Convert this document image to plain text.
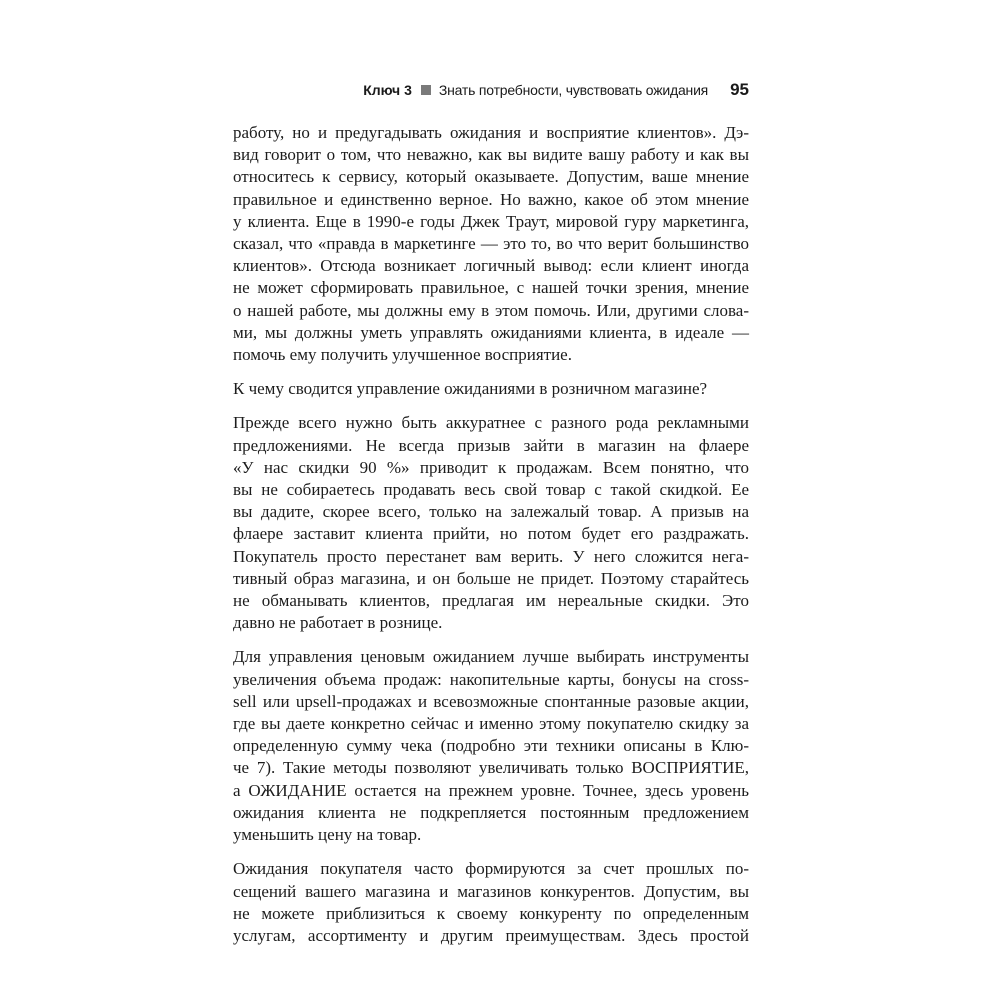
Ключ 3 Знать потребности, чувствовать ожидания 95
работу, но и предугадывать ожидания и восприятие клиентов». Дэ-
вид говорит о том, что неважно, как вы видите вашу работу и как вы
относитесь к сервису, который оказываете. Допустим, ваше мнение
правильное и единственно верное. Но важно, какое об этом мнение
у клиента. Еще в 1990-е годы Джек Траут, мировой гуру маркетинга,
сказал, что «правда в маркетинге — это то, во что верит большинство
клиентов». Отсюда возникает логичный вывод: если клиент иногда
не может сформировать правильное, с нашей точки зрения, мнение
о нашей работе, мы должны ему в этом помочь. Или, другими слова-
ми, мы должны уметь управлять ожиданиями клиента, в идеале —
помочь ему получить улучшенное восприятие.
К чему сводится управление ожиданиями в розничном магазине?
Прежде всего нужно быть аккуратнее с разного рода рекламными
предложениями. Не всегда призыв зайти в магазин на флаере
«У нас скидки 90 %» приводит к продажам. Всем понятно, что
вы не собираетесь продавать весь свой товар с такой скидкой. Ее
вы дадите, скорее всего, только на залежалый товар. А призыв на
флаере заставит клиента прийти, но потом будет его раздражать.
Покупатель просто перестанет вам верить. У него сложится нега-
тивный образ магазина, и он больше не придет. Поэтому старайтесь
не обманывать клиентов, предлагая им нереальные скидки. Это
давно не работает в рознице.
Для управления ценовым ожиданием лучше выбирать инструменты
увеличения объема продаж: накопительные карты, бонусы на cross-
sell или upsell-продажах и всевозможные спонтанные разовые акции,
где вы даете конкретно сейчас и именно этому покупателю скидку за
определенную сумму чека (подробно эти техники описаны в Клю-
че 7). Такие методы позволяют увеличивать только ВОСПРИЯТИЕ,
а ОЖИДАНИЕ остается на прежнем уровне. Точнее, здесь уровень
ожидания клиента не подкрепляется постоянным предложением
уменьшить цену на товар.
Ожидания покупателя часто формируются за счет прошлых по-
сещений вашего магазина и магазинов конкурентов. Допустим, вы
не можете приблизиться к своему конкуренту по определенным
услугам, ассортименту и другим преимуществам. Здесь простой
